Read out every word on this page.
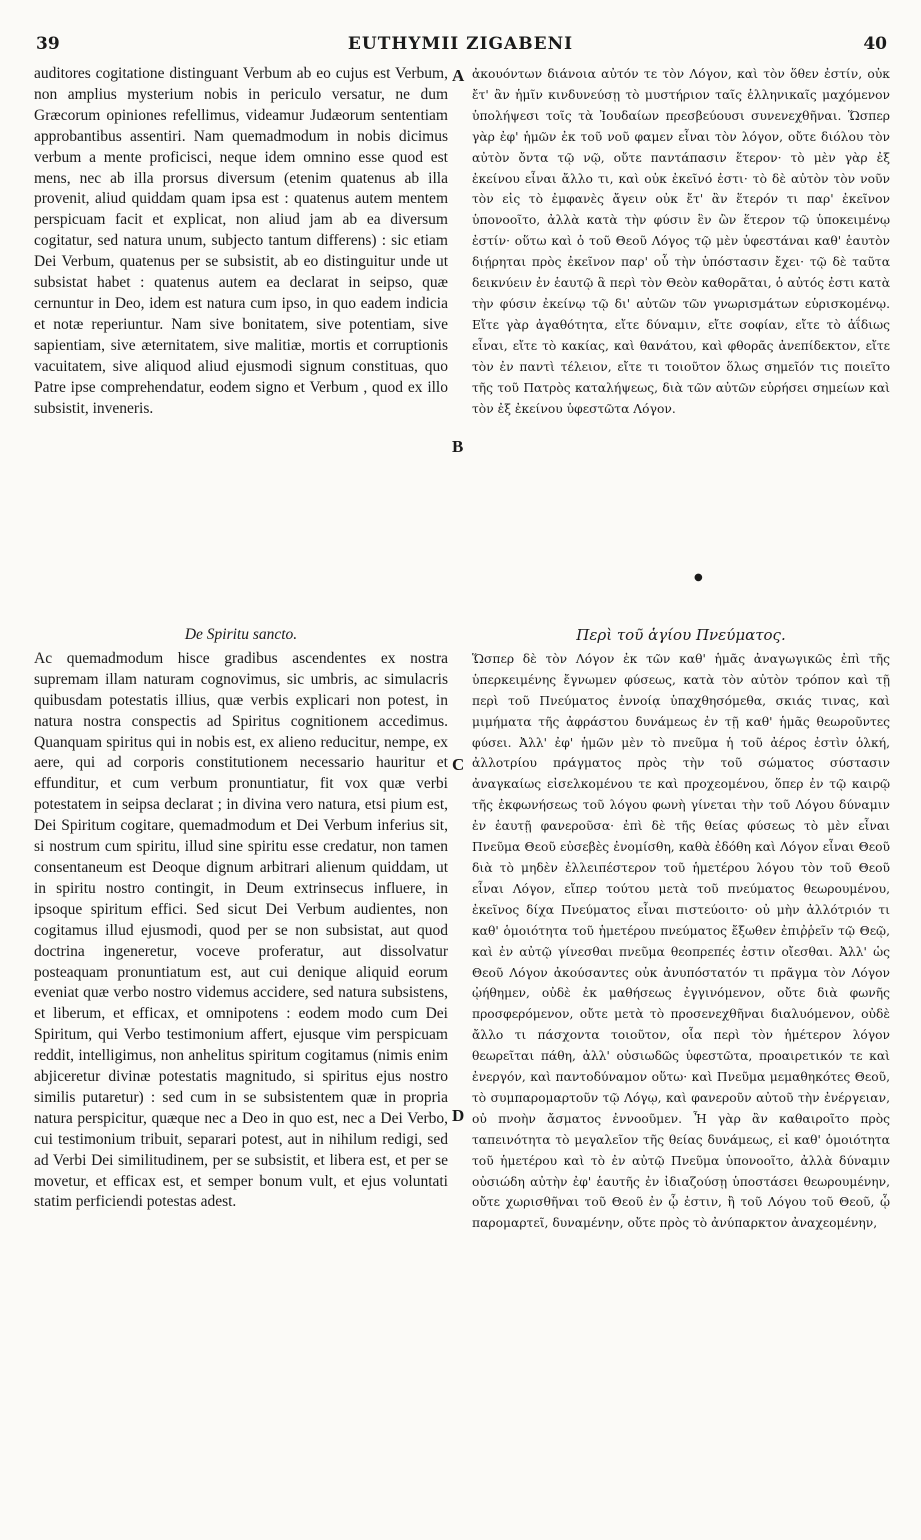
39	EUTHYMII ZIGABENI	40
A
B
C
D

auditores cogitatione distinguant Verbum ab eo cujus est Verbum, non amplius mysterium nobis in periculo versatur, ne dum Græcorum opiniones refellimus, videamur Judæorum sententiam approbantibus assentiri. Nam quemadmodum in nobis dicimus verbum a mente proficisci, neque idem omnino esse quod est mens, nec ab illa prorsus diversum (etenim quatenus ab illa provenit, aliud quiddam quam ipsa est : quatenus autem mentem perspicuam facit et explicat, non aliud jam ab ea diversum cogitatur, sed natura unum, subjecto tantum differens) : sic etiam Dei Verbum, quatenus per se subsistit, ab eo distinguitur unde ut subsistat habet : quatenus autem ea declarat in seipso, quæ cernuntur in Deo, idem est natura cum ipso, in quo eadem indicia et notæ reperiuntur. Nam sive bonitatem, sive potentiam, sive sapientiam, sive æternitatem, sive malitiæ, mortis et corruptionis vacuitatem, sive aliquod aliud ejusmodi signum constituas, quo Patre ipse comprehendatur, eodem signo et Verbum , quod ex illo subsistit, inveneris.

ἀκουόντων διάνοια αὐτόν τε τὸν Λόγον, καὶ τὸν ὅθεν ἐστίν, οὐκ ἔτ' ἂν ἡμῖν κινδυνεύσῃ τὸ μυστήριον ταῖς ἑλληνικαῖς μαχόμενον ὑπολήψεσι τοῖς τὰ Ἰουδαίων πρεσβεύουσι συνενεχθῆναι. Ὥσπερ γὰρ ἐφ' ἡμῶν ἐκ τοῦ νοῦ φαμεν εἶναι τὸν λόγον, οὔτε διόλου τὸν αὐτὸν ὄντα τῷ νῷ, οὔτε παντάπασιν ἕτερον· τὸ μὲν γὰρ ἐξ ἐκείνου εἶναι ἄλλο τι, καὶ οὐκ ἐκεῖνό ἐστι· τὸ δὲ αὐτὸν τὸν νοῦν τὸν εἰς τὸ ἐμφανὲς ἄγειν οὐκ ἔτ' ἂν ἕτερόν τι παρ' ἐκεῖνον ὑπονοοῖτο, ἀλλὰ κατὰ τὴν φύσιν ἓν ὢν ἕτερον τῷ ὑποκειμένῳ ἐστίν· οὕτω καὶ ὁ τοῦ Θεοῦ Λόγος τῷ μὲν ὑφεστάναι καθ' ἑαυτὸν διῄρηται πρὸς ἐκεῖνον παρ' οὗ τὴν ὑπόστασιν ἔχει· τῷ δὲ ταῦτα δεικνύειν ἐν ἑαυτῷ ἃ περὶ τὸν Θεὸν καθορᾶται, ὁ αὐτός ἐστι κατὰ τὴν φύσιν ἐκείνῳ τῷ δι' αὐτῶν τῶν γνωρισμάτων εὑρισκομένῳ. Εἴτε γὰρ ἀγαθότητα, εἴτε δύναμιν, εἴτε σοφίαν, εἴτε τὸ ἀΐδιως εἶναι, εἴτε τὸ κακίας, καὶ θανάτου, καὶ φθορᾶς ἀνεπίδεκτον, εἴτε τὸν ἐν παντὶ τέλειον, εἴτε τι τοιοῦτον ὅλως σημεῖόν τις ποιεῖτο τῆς τοῦ Πατρὸς καταλήψεως, διὰ τῶν αὐτῶν εὑρήσει σημείων καὶ τὸν ἐξ ἐκείνου ὑφεστῶτα Λόγον.

●
De Spiritu sancto.

Ac quemadmodum hisce gradibus ascendentes ex nostra supremam illam naturam cognovimus, sic umbris, ac simulacris quibusdam potestatis illius, quæ verbis explicari non potest, in natura nostra conspectis ad Spiritus cognitionem accedimus. Quanquam spiritus qui in nobis est, ex alieno reducitur, nempe, ex aere, qui ad corporis constitutionem necessario hauritur et effunditur, et cum verbum pronuntiatur, fit vox quæ verbi potestatem in seipsa declarat ; in divina vero natura, etsi pium est, Dei Spiritum cogitare, quemadmodum et Dei Verbum inferius sit, si nostrum cum spiritu, illud sine spiritu esse credatur, non tamen consentaneum est Deoque dignum arbitrari alienum quiddam, ut in spiritu nostro contingit, in Deum extrinsecus influere, in ipsoque spiritum effici. Sed sicut Dei Verbum audientes, non cogitamus illud ejusmodi, quod per se non subsistat, aut quod doctrina ingeneretur, voceve proferatur, aut dissolvatur posteaquam pronuntiatum est, aut cui denique aliquid eorum eveniat quæ verbo nostro videmus accidere, sed natura subsistens, et liberum, et efficax, et omnipotens : eodem modo cum Dei Spiritum, qui Verbo testimonium affert, ejusque vim perspicuam reddit, intelligimus, non anhelitus spiritum cogitamus (nimis enim abjiceretur divinæ potestatis magnitudo, si spiritus ejus nostro similis putaretur) : sed cum in se subsistentem quæ in propria natura perspicitur, quæque nec a Deo in quo est, nec a Dei Verbo, cui testimonium tribuit, separari potest, aut in nihilum redigi, sed ad Verbi Dei similitudinem, per se subsistit, et libera est, et per se movetur, et efficax est, et semper bonum vult, et ejus voluntati statim perficiendi potestas adest.

Περὶ τοῦ ἁγίου Πνεύματος.

Ὥσπερ δὲ τὸν Λόγον ἐκ τῶν καθ' ἡμᾶς ἀναγωγικῶς ἐπὶ τῆς ὑπερκειμένης ἔγνωμεν φύσεως, κατὰ τὸν αὐτὸν τρόπον καὶ τῇ περὶ τοῦ Πνεύματος ἐννοίᾳ ὑπαχθησόμεθα, σκιάς τινας, καὶ μιμήματα τῆς ἀφράστου δυνάμεως ἐν τῇ καθ' ἡμᾶς θεωροῦντες φύσει. Ἀλλ' ἐφ' ἡμῶν μὲν τὸ πνεῦμα ἡ τοῦ ἀέρος ἐστὶν ὁλκή, ἀλλοτρίου πράγματος πρὸς τὴν τοῦ σώματος σύστασιν ἀναγκαίως εἰσελκομένου τε καὶ προχεομένου, ὅπερ ἐν τῷ καιρῷ τῆς ἐκφωνήσεως τοῦ λόγου φωνὴ γίνεται τὴν τοῦ Λόγου δύναμιν ἐν ἑαυτῇ φανεροῦσα· ἐπὶ δὲ τῆς θείας φύσεως τὸ μὲν εἶναι Πνεῦμα Θεοῦ εὐσεβὲς ἐνομίσθη, καθὰ ἐδόθη καὶ Λόγον εἶναι Θεοῦ διὰ τὸ μηδὲν ἐλλειπέστερον τοῦ ἡμετέρου λόγου τὸν τοῦ Θεοῦ εἶναι Λόγον, εἴπερ τούτου μετὰ τοῦ πνεύματος θεωρουμένου, ἐκεῖνος δίχα Πνεύματος εἶναι πιστεύοιτο· οὐ μὴν ἀλλότριόν τι καθ' ὁμοιότητα τοῦ ἡμετέρου πνεύματος ἔξωθεν ἐπιῤῥεῖν τῷ Θεῷ, καὶ ἐν αὐτῷ γίνεσθαι πνεῦμα θεοπρεπές ἐστιν οἴεσθαι. Ἀλλ' ὡς Θεοῦ Λόγον ἀκούσαντες οὐκ ἀνυπόστατόν τι πρᾶγμα τὸν Λόγον ᾠήθημεν, οὐδὲ ἐκ μαθήσεως ἐγγινόμενον, οὔτε διὰ φωνῆς προσφερόμενον, οὔτε μετὰ τὸ προσενεχθῆναι διαλυόμενον, οὐδὲ ἄλλο τι πάσχοντα τοιοῦτον, οἷα περὶ τὸν ἡμέτερον λόγον θεωρεῖται πάθη, ἀλλ' οὐσιωδῶς ὑφεστῶτα, προαιρετικόν τε καὶ ἐνεργόν, καὶ παντοδύναμον οὕτω· καὶ Πνεῦμα μεμαθηκότες Θεοῦ, τὸ συμπαρομαρτοῦν τῷ Λόγῳ, καὶ φανεροῦν αὐτοῦ τὴν ἐνέργειαν, οὐ πνοὴν ἄσματος ἐννοοῦμεν. Ἦ γὰρ ἂν καθαιροῖτο πρὸς ταπεινότητα τὸ μεγαλεῖον τῆς θείας δυνάμεως, εἰ καθ' ὁμοιότητα τοῦ ἡμετέρου καὶ τὸ ἐν αὐτῷ Πνεῦμα ὑπονοοῖτο, ἀλλὰ δύναμιν οὐσιώδη αὐτὴν ἐφ' ἑαυτῆς ἐν ἰδιαζούσῃ ὑποστάσει θεωρουμένην, οὔτε χωρισθῆναι τοῦ Θεοῦ ἐν ᾧ ἐστιν, ἢ τοῦ Λόγου τοῦ Θεοῦ, ᾧ παρομαρτεῖ, δυναμένην, οὔτε πρὸς τὸ ἀνύπαρκτον ἀναχεομένην,
